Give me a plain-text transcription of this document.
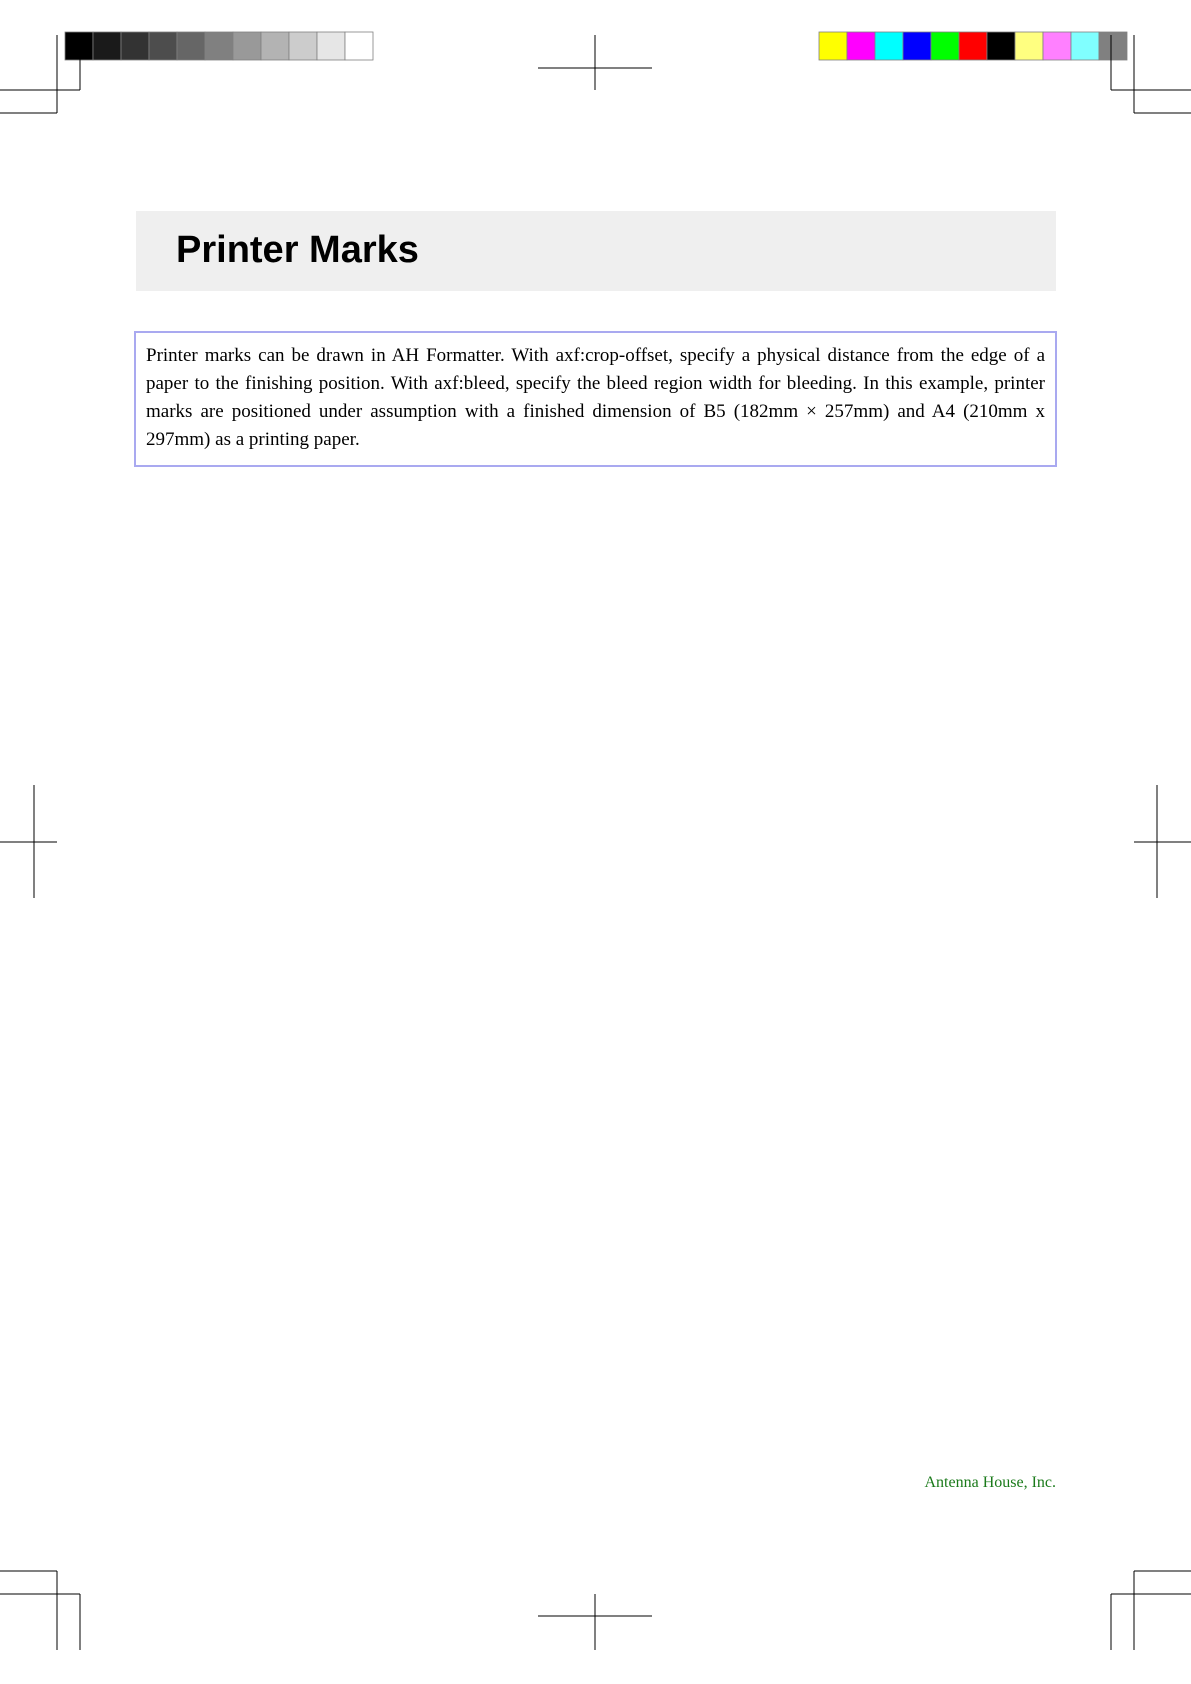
Printer Marks

Printer marks can be drawn in AH Formatter. With axf:crop-offset, specify a physical distance from the edge of a paper to the finishing position. With axf:bleed, specify the bleed region width for bleeding. In this example, printer marks are positioned under assumption with a finished dimension of B5 (182mm × 257mm) and A4 (210mm x 297mm) as a printing paper.

Antenna House, Inc.
